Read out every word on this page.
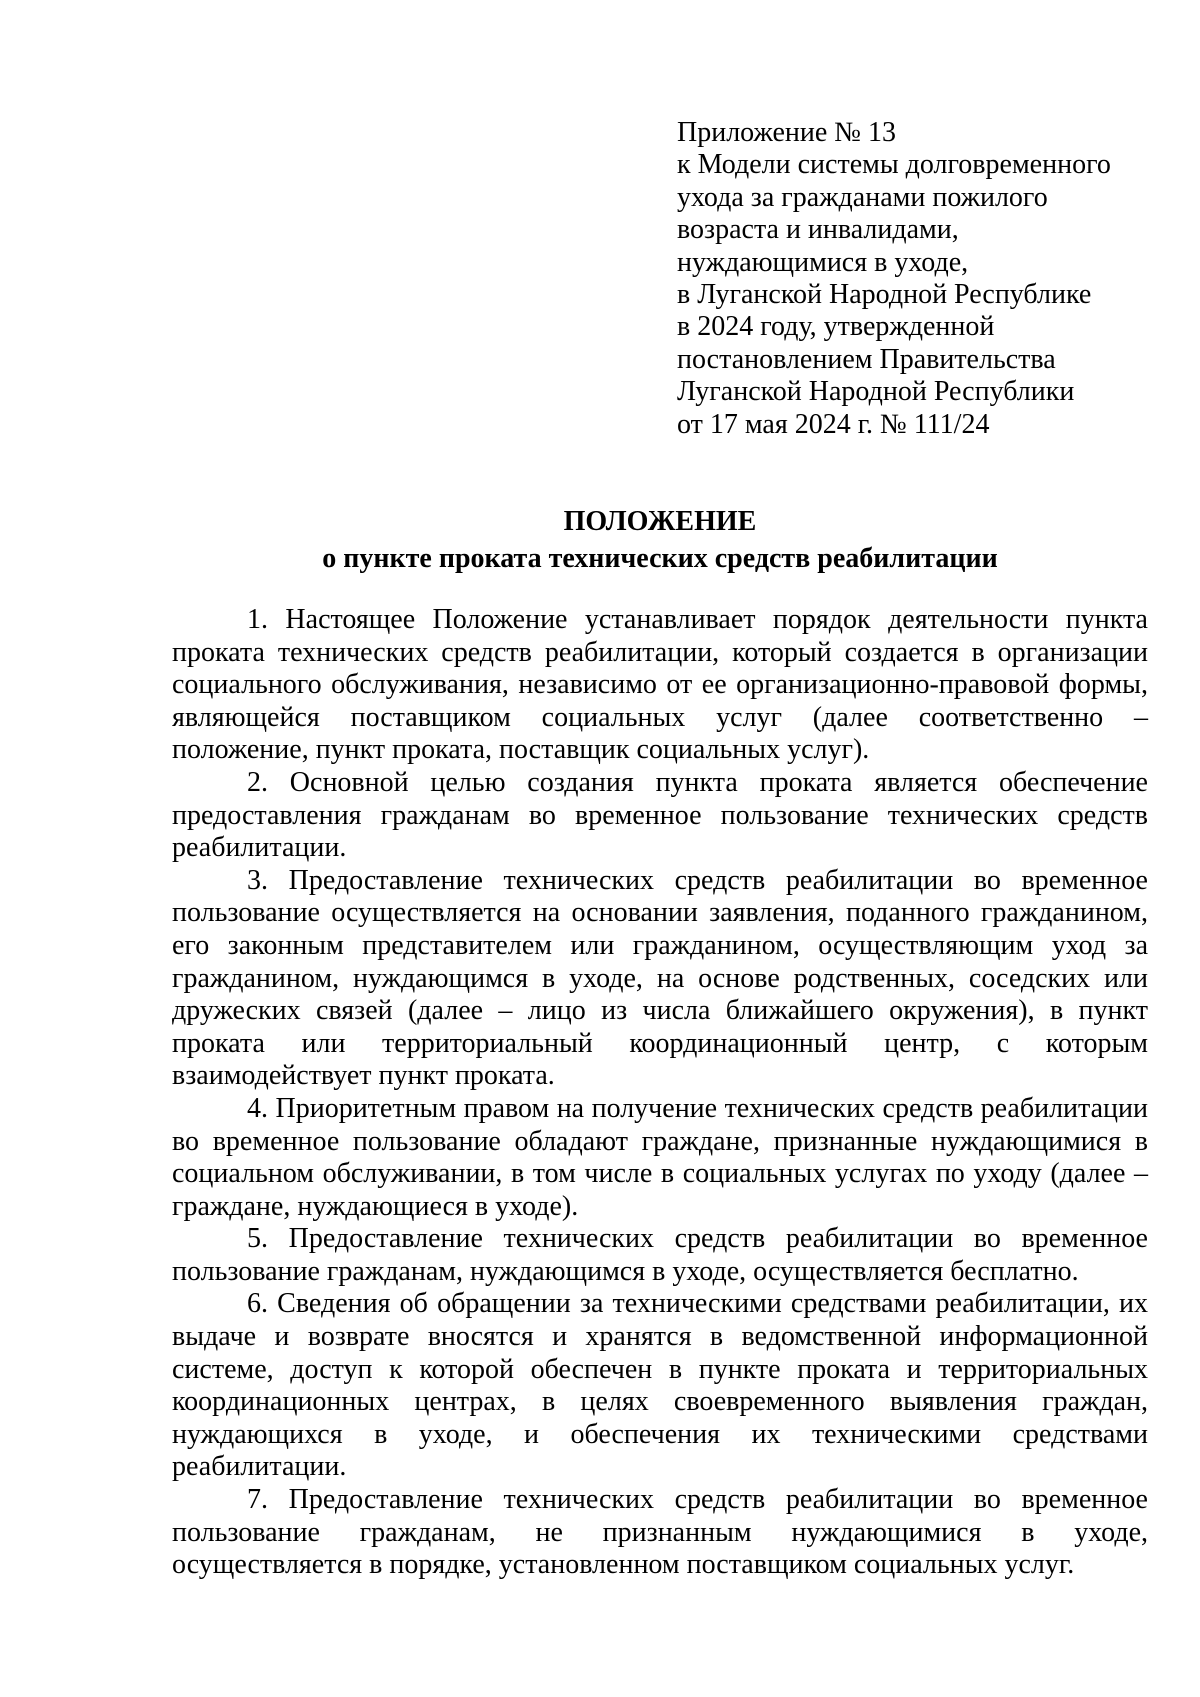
Приложение № 13
к Модели системы долговременного
ухода за гражданами пожилого
возраста и инвалидами,
нуждающимися в уходе,
в Луганской Народной Республике
в 2024 году, утвержденной
постановлением Правительства
Луганской Народной Республики
от 17 мая 2024 г. № 111/24
ПОЛОЖЕНИЕ
о пункте проката технических средств реабилитации

1. Настоящее Положение устанавливает порядок деятельности пункта проката технических средств реабилитации, который создается в организации социального обслуживания, независимо от ее организационно-правовой формы, являющейся поставщиком социальных услуг (далее соответственно – положение, пункт проката, поставщик социальных услуг).

2. Основной целью создания пункта проката является обеспечение предоставления гражданам во временное пользование технических средств реабилитации.

3. Предоставление технических средств реабилитации во временное пользование осуществляется на основании заявления, поданного гражданином, его законным представителем или гражданином, осуществляющим уход за гражданином, нуждающимся в уходе, на основе родственных, соседских или дружеских связей (далее – лицо из числа ближайшего окружения), в пункт проката или территориальный координационный центр, с которым взаимодействует пункт проката.

4. Приоритетным правом на получение технических средств реабилитации во временное пользование обладают граждане, признанные нуждающимися в социальном обслуживании, в том числе в социальных услугах по уходу (далее – граждане, нуждающиеся в уходе).

5. Предоставление технических средств реабилитации во временное пользование гражданам, нуждающимся в уходе, осуществляется бесплатно.

6. Сведения об обращении за техническими средствами реабилитации, их выдаче и возврате вносятся и хранятся в ведомственной информационной системе, доступ к которой обеспечен в пункте проката и территориальных координационных центрах, в целях своевременного выявления граждан, нуждающихся в уходе, и обеспечения их техническими средствами реабилитации.

7. Предоставление технических средств реабилитации во временное пользование гражданам, не признанным нуждающимися в уходе, осуществляется в порядке, установленном поставщиком социальных услуг.
